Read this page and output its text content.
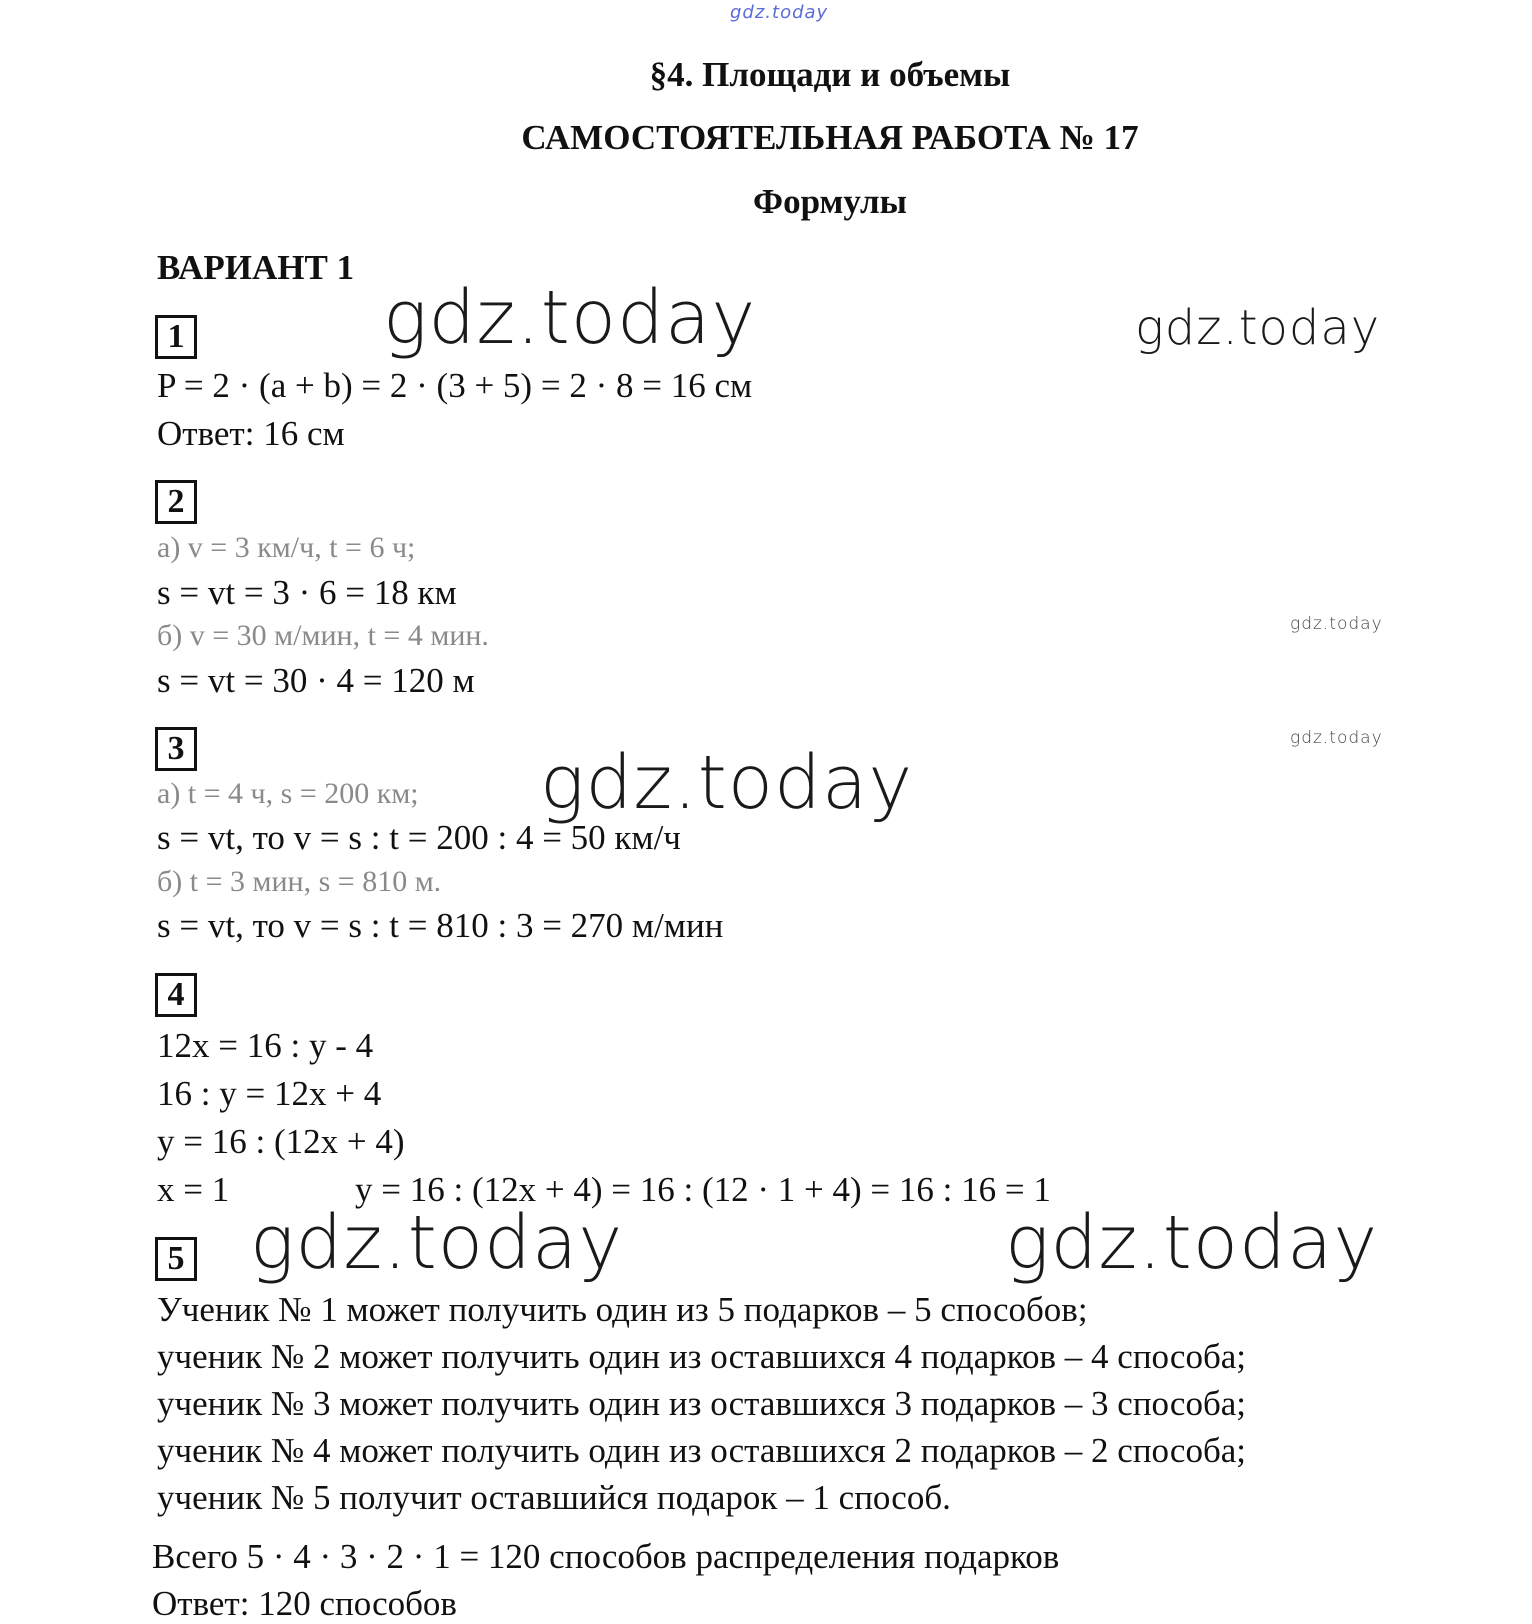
gdz.today
§4. Площади и объемы
САМОСТОЯТЕЛЬНАЯ РАБОТА № 17
Формулы
ВАРИАНТ 1
gdz.today	gdz.today
gdz.today
gdz.today
1
P = 2 · (a + b) = 2 · (3 + 5) = 2 · 8 = 16 см
Ответ: 16 см
2
а) v = 3 км/ч, t = 6 ч;
s = vt = 3 · 6 = 18 км
б) v = 30 м/мин, t = 4 мин.
s = vt = 30 · 4 = 120 м
3
а) t = 4 ч, s = 200 км; gdz.today
s = vt, то v = s : t = 200 : 4 = 50 км/ч
б) t = 3 мин, s = 810 м.
s = vt, то v = s : t = 810 : 3 = 270 м/мин
4
12x = 16 : y - 4
16 : y = 12x + 4
y = 16 : (12x + 4)
x = 1	y = 16 : (12x + 4) = 16 : (12 · 1 + 4) = 16 : 16 = 1
5 gdz.today	gdz.today
Ученик № 1 может получить один из 5 подарков – 5 способов;
ученик № 2 может получить один из оставшихся 4 подарков – 4 способа;
ученик № 3 может получить один из оставшихся 3 подарков – 3 способа;
ученик № 4 может получить один из оставшихся 2 подарков – 2 способа;
ученик № 5 получит оставшийся подарок – 1 способ.
Всего 5 · 4 · 3 · 2 · 1 = 120 способов распределения подарков
Ответ: 120 способов
